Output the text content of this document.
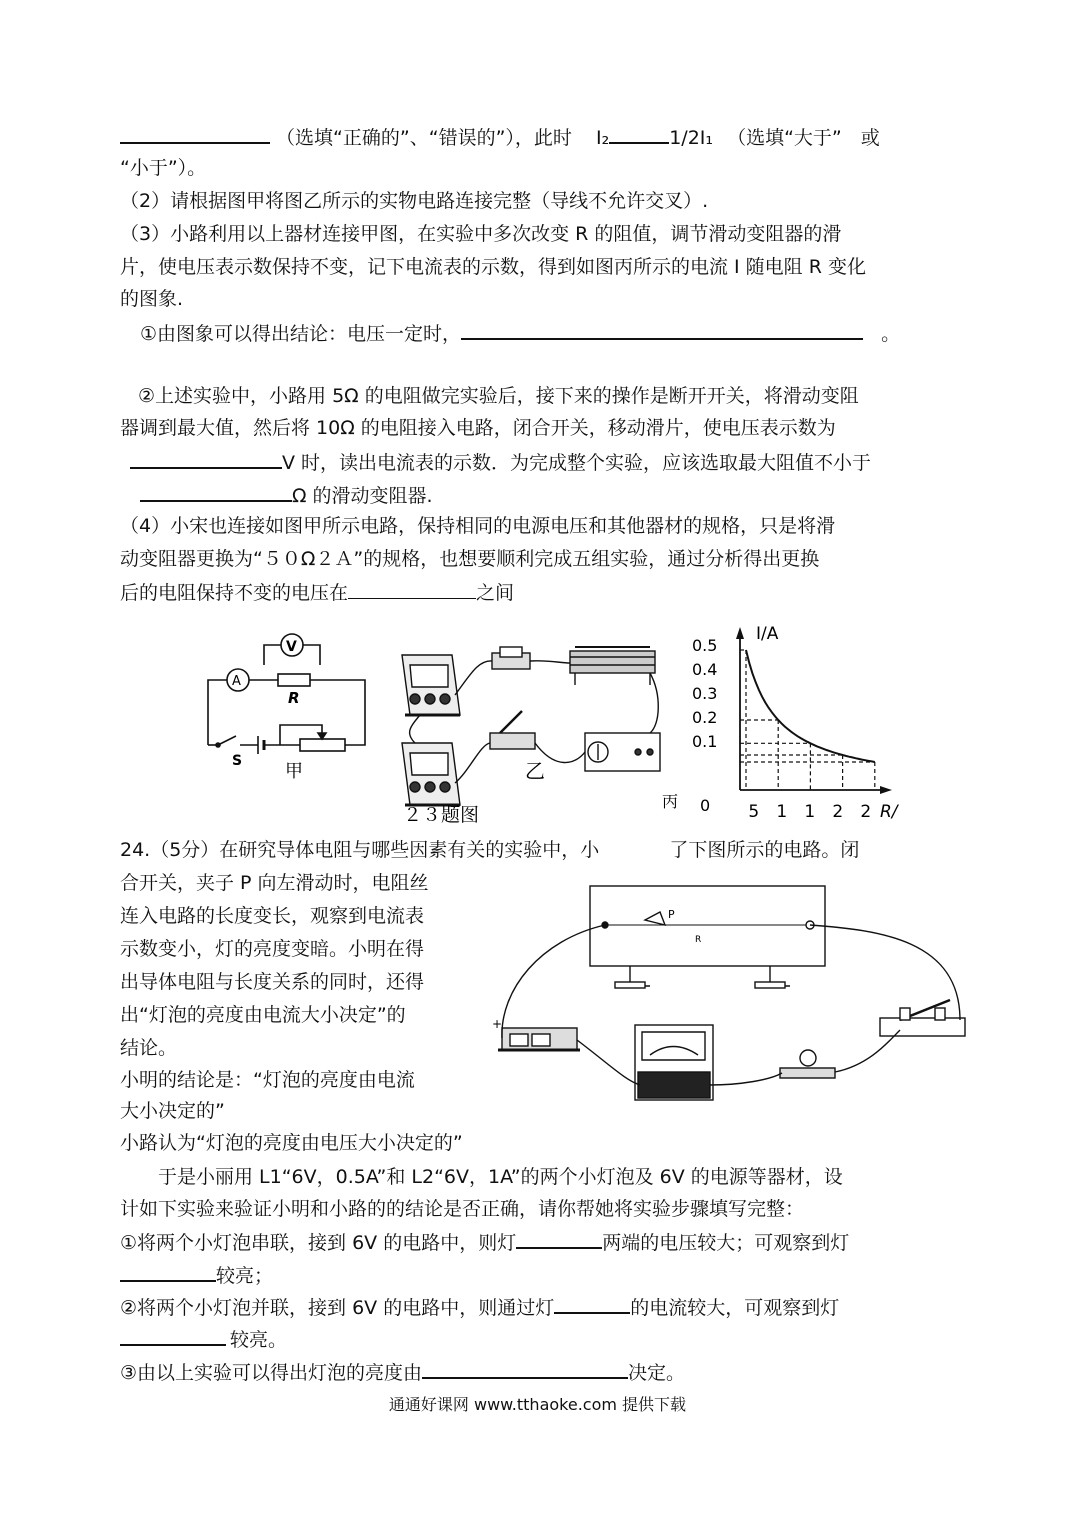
（选填“正确的”、“错误的”），此时 I₂	1/2I₁ （选填“大于”　或
“小于”）。
（2）请根据图甲将图乙所示的实物电路连接完整（导线不允许交叉）.
（3）小路利用以上器材连接甲图，在实验中多次改变 R 的阻值，调节滑动变阻器的滑
片，使电压表示数保持不变，记下电流表的示数，得到如图丙所示的电流 I 随电阻 R 变化
的图象.
①由图象可以得出结论：电压一定时，	。
②上述实验中，小路用 5Ω 的电阻做完实验后，接下来的操作是断开开关，将滑动变阻
器调到最大值，然后将 10Ω 的电阻接入电路，闭合开关，移动滑片，使电压表示数为
V 时，读出电流表的示数．为完成整个实验，应该选取最大阻值不小于
Ω 的滑动变阻器.
（4）小宋也连接如图甲所示电路，保持相同的电源电压和其他器材的规格，只是将滑
动变阻器更换为“５０Ω２Ａ”的规格，也想要顺利完成五组实验，通过分析得出更换
后的电阻保持不变的电压在	之间
V
A
R
S 甲	乙
丙
0.5
0.4
0.3
0.2
0.1
5 1 1 2 2
I/A
R/
0
２３题图
24.（5分）在研究导体电阻与哪些因素有关的实验中，小	了下图所示的电路。闭
合开关，夹子 P 向左滑动时，电阻丝
连入电路的长度变长，观察到电流表
示数变小，灯的亮度变暗。小明在得
出导体电阻与长度关系的同时，还得
出“灯泡的亮度由电流大小决定”的
结论。
小明的结论是：“灯泡的亮度由电流
大小决定的”
小路认为“灯泡的亮度由电压大小决定的”
　　于是小丽用 L1“6V，0.5A”和 L2“6V，1A”的两个小灯泡及 6V 的电源等器材，设
计如下实验来验证小明和小路的的结论是否正确，请你帮她将实验步骤填写完整：
①将两个小灯泡串联，接到 6V 的电路中，则灯	两端的电压较大；可观察到灯
较亮；
②将两个小灯泡并联，接到 6V 的电路中，则通过灯	的电流较大，可观察到灯
较亮。
③由以上实验可以得出灯泡的亮度由	决定。
P
R
+
通通好课网 www.tthaoke.com 提供下载
